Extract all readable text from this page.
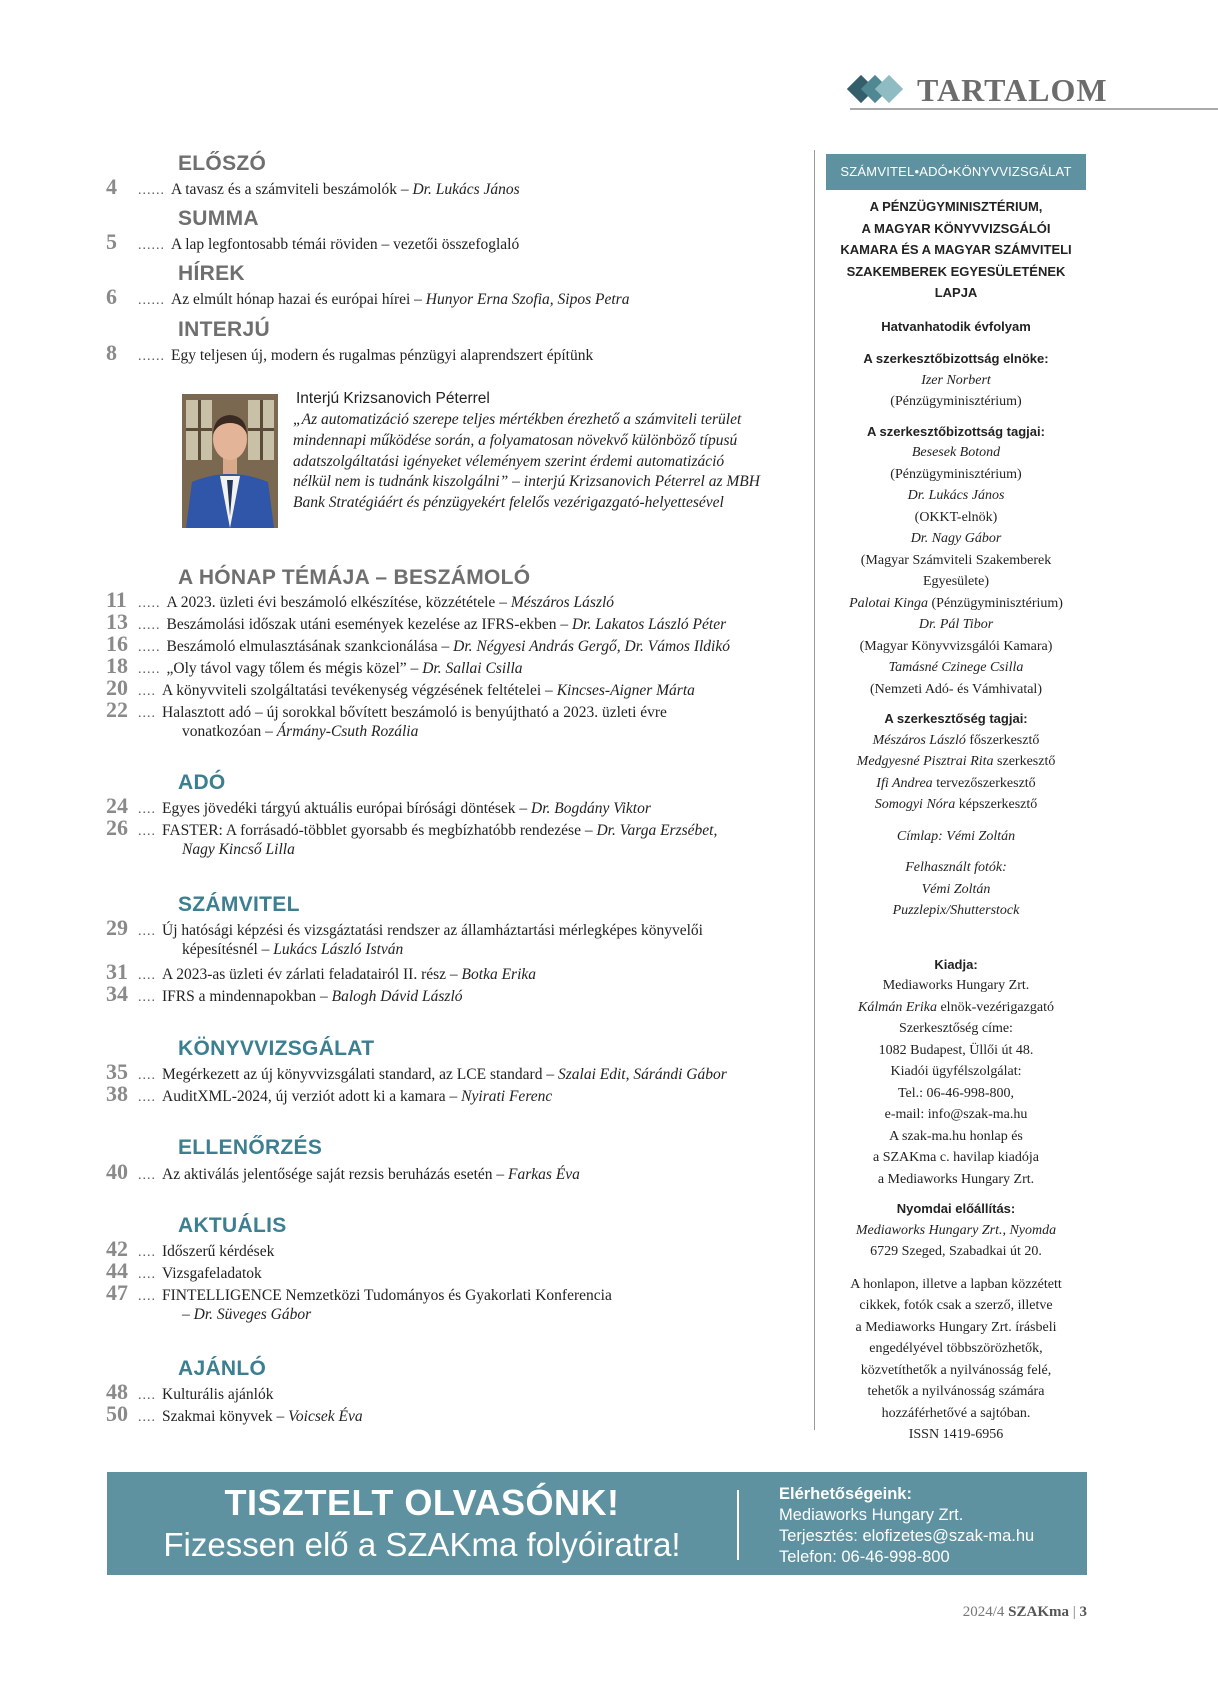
TARTALOM
ELŐSZÓ
4 ...... A tavasz és a számviteli beszámolók – Dr. Lukács János
SUMMA
5 ...... A lap legfontosabb témái röviden – vezetői összefoglaló
HÍREK
6 ...... Az elmúlt hónap hazai és európai hírei – Hunyor Erna Szofia, Sipos Petra
INTERJÚ
8 ...... Egy teljesen új, modern és rugalmas pénzügyi alaprendszert építünk
Interjú Krizsanovich Péterrel
„Az automatizáció szerepe teljes mértékben érezhető a számviteli terület mindennapi működése során, a folyamatosan növekvő különböző típusú adatszolgáltatási igényeket véleményem szerint érdemi automatizáció nélkül nem is tudnánk kiszolgálni” – interjú Krizsanovich Péterrel az MBH Bank Stratégiáért és pénzügyekért felelős vezérigazgató-helyettesével
A HÓNAP TÉMÁJA – BESZÁMOLÓ
11 ..... A 2023. üzleti évi beszámoló elkészítése, közzététele – Mészáros László
13 ..... Beszámolási időszak utáni események kezelése az IFRS-ekben – Dr. Lakatos László Péter
16 ..... Beszámoló elmulasztásának szankcionálása – Dr. Négyesi András Gergő, Dr. Vámos Ildikó
18 ..... „Oly távol vagy tőlem és mégis közel” – Dr. Sallai Csilla
20 .... A könyvviteli szolgáltatási tevékenység végzésének feltételei – Kincses-Aigner Márta
22 .... Halasztott adó – új sorokkal bővített beszámoló is benyújtható a 2023. üzleti évre
vonatkozóan – Ármány-Csuth Rozália
ADÓ
24 .... Egyes jövedéki tárgyú aktuális európai bírósági döntések – Dr. Bogdány Viktor
26 .... FASTER: A forrásadó-többlet gyorsabb és megbízhatóbb rendezése – Dr. Varga Erzsébet,
Nagy Kincső Lilla
SZÁMVITEL
29 .... Új hatósági képzési és vizsgáztatási rendszer az államháztartási mérlegképes könyvelői
képesítésnél – Lukács László István
31 .... A 2023-as üzleti év zárlati feladatairól II. rész – Botka Erika
34 .... IFRS a mindennapokban – Balogh Dávid László
KÖNYVVIZSGÁLAT
35 .... Megérkezett az új könyvvizsgálati standard, az LCE standard – Szalai Edit, Sárándi Gábor
38 .... AuditXML-2024, új verziót adott ki a kamara – Nyirati Ferenc
ELLENŐRZÉS
40 .... Az aktiválás jelentősége saját rezsis beruházás esetén – Farkas Éva
AKTUÁLIS
42 .... Időszerű kérdések
44 .... Vizsgafeladatok
47 .... FINTELLIGENCE Nemzetközi Tudományos és Gyakorlati Konferencia
– Dr. Süveges Gábor
AJÁNLÓ
48 .... Kulturális ajánlók
50 .... Szakmai könyvek – Voicsek Éva
SZÁMVITEL•ADÓ•KÖNYVVIZSGÁLAT
A PÉNZÜGYMINISZTÉRIUM,
A MAGYAR KÖNYVVIZSGÁLÓI
KAMARA ÉS A MAGYAR SZÁMVITELI
SZAKEMBEREK EGYESÜLETÉNEK LAPJA
Hatvanhatodik évfolyam
A szerkesztőbizottság elnöke:
Izer Norbert
(Pénzügyminisztérium)
A szerkesztőbizottság tagjai:
Besesek Botond
(Pénzügyminisztérium)
Dr. Lukács János
(OKKT-elnök)
Dr. Nagy Gábor
(Magyar Számviteli Szakemberek
Egyesülete)
Palotai Kinga (Pénzügyminisztérium)
Dr. Pál Tibor
(Magyar Könyvvizsgálói Kamara)
Tamásné Czinege Csilla
(Nemzeti Adó- és Vámhivatal)
A szerkesztőség tagjai:
Mészáros László főszerkesztő
Medgyesné Pisztrai Rita szerkesztő
Ifi Andrea tervezőszerkesztő
Somogyi Nóra képszerkesztő
Címlap: Vémi Zoltán
Felhasznált fotók:
Vémi Zoltán
Puzzlepix/Shutterstock
Kiadja:
Mediaworks Hungary Zrt.
Kálmán Erika elnök-vezérigazgató
Szerkesztőség címe:
1082 Budapest, Üllői út 48.
Kiadói ügyfélszolgálat:
Tel.: 06-46-998-800,
e-mail: info@szak-ma.hu
A szak-ma.hu honlap és
a SZAKma c. havilap kiadója
a Mediaworks Hungary Zrt.
Nyomdai előállítás:
Mediaworks Hungary Zrt., Nyomda
6729 Szeged, Szabadkai út 20.
A honlapon, illetve a lapban közzétett
cikkek, fotók csak a szerző, illetve
a Mediaworks Hungary Zrt. írásbeli
engedélyével többszörözhetők,
közvetíthetők a nyilvánosság felé,
tehetők a nyilvánosság számára
hozzáférhetővé a sajtóban.
ISSN 1419-6956
TISZTELT OLVASÓNK!
Fizessen elő a SZAKma folyóiratra!
Elérhetőségeink:
Mediaworks Hungary Zrt.
Terjesztés: elofizetes@szak-ma.hu
Telefon: 06-46-998-800
2024/4 SZAKma | 3
